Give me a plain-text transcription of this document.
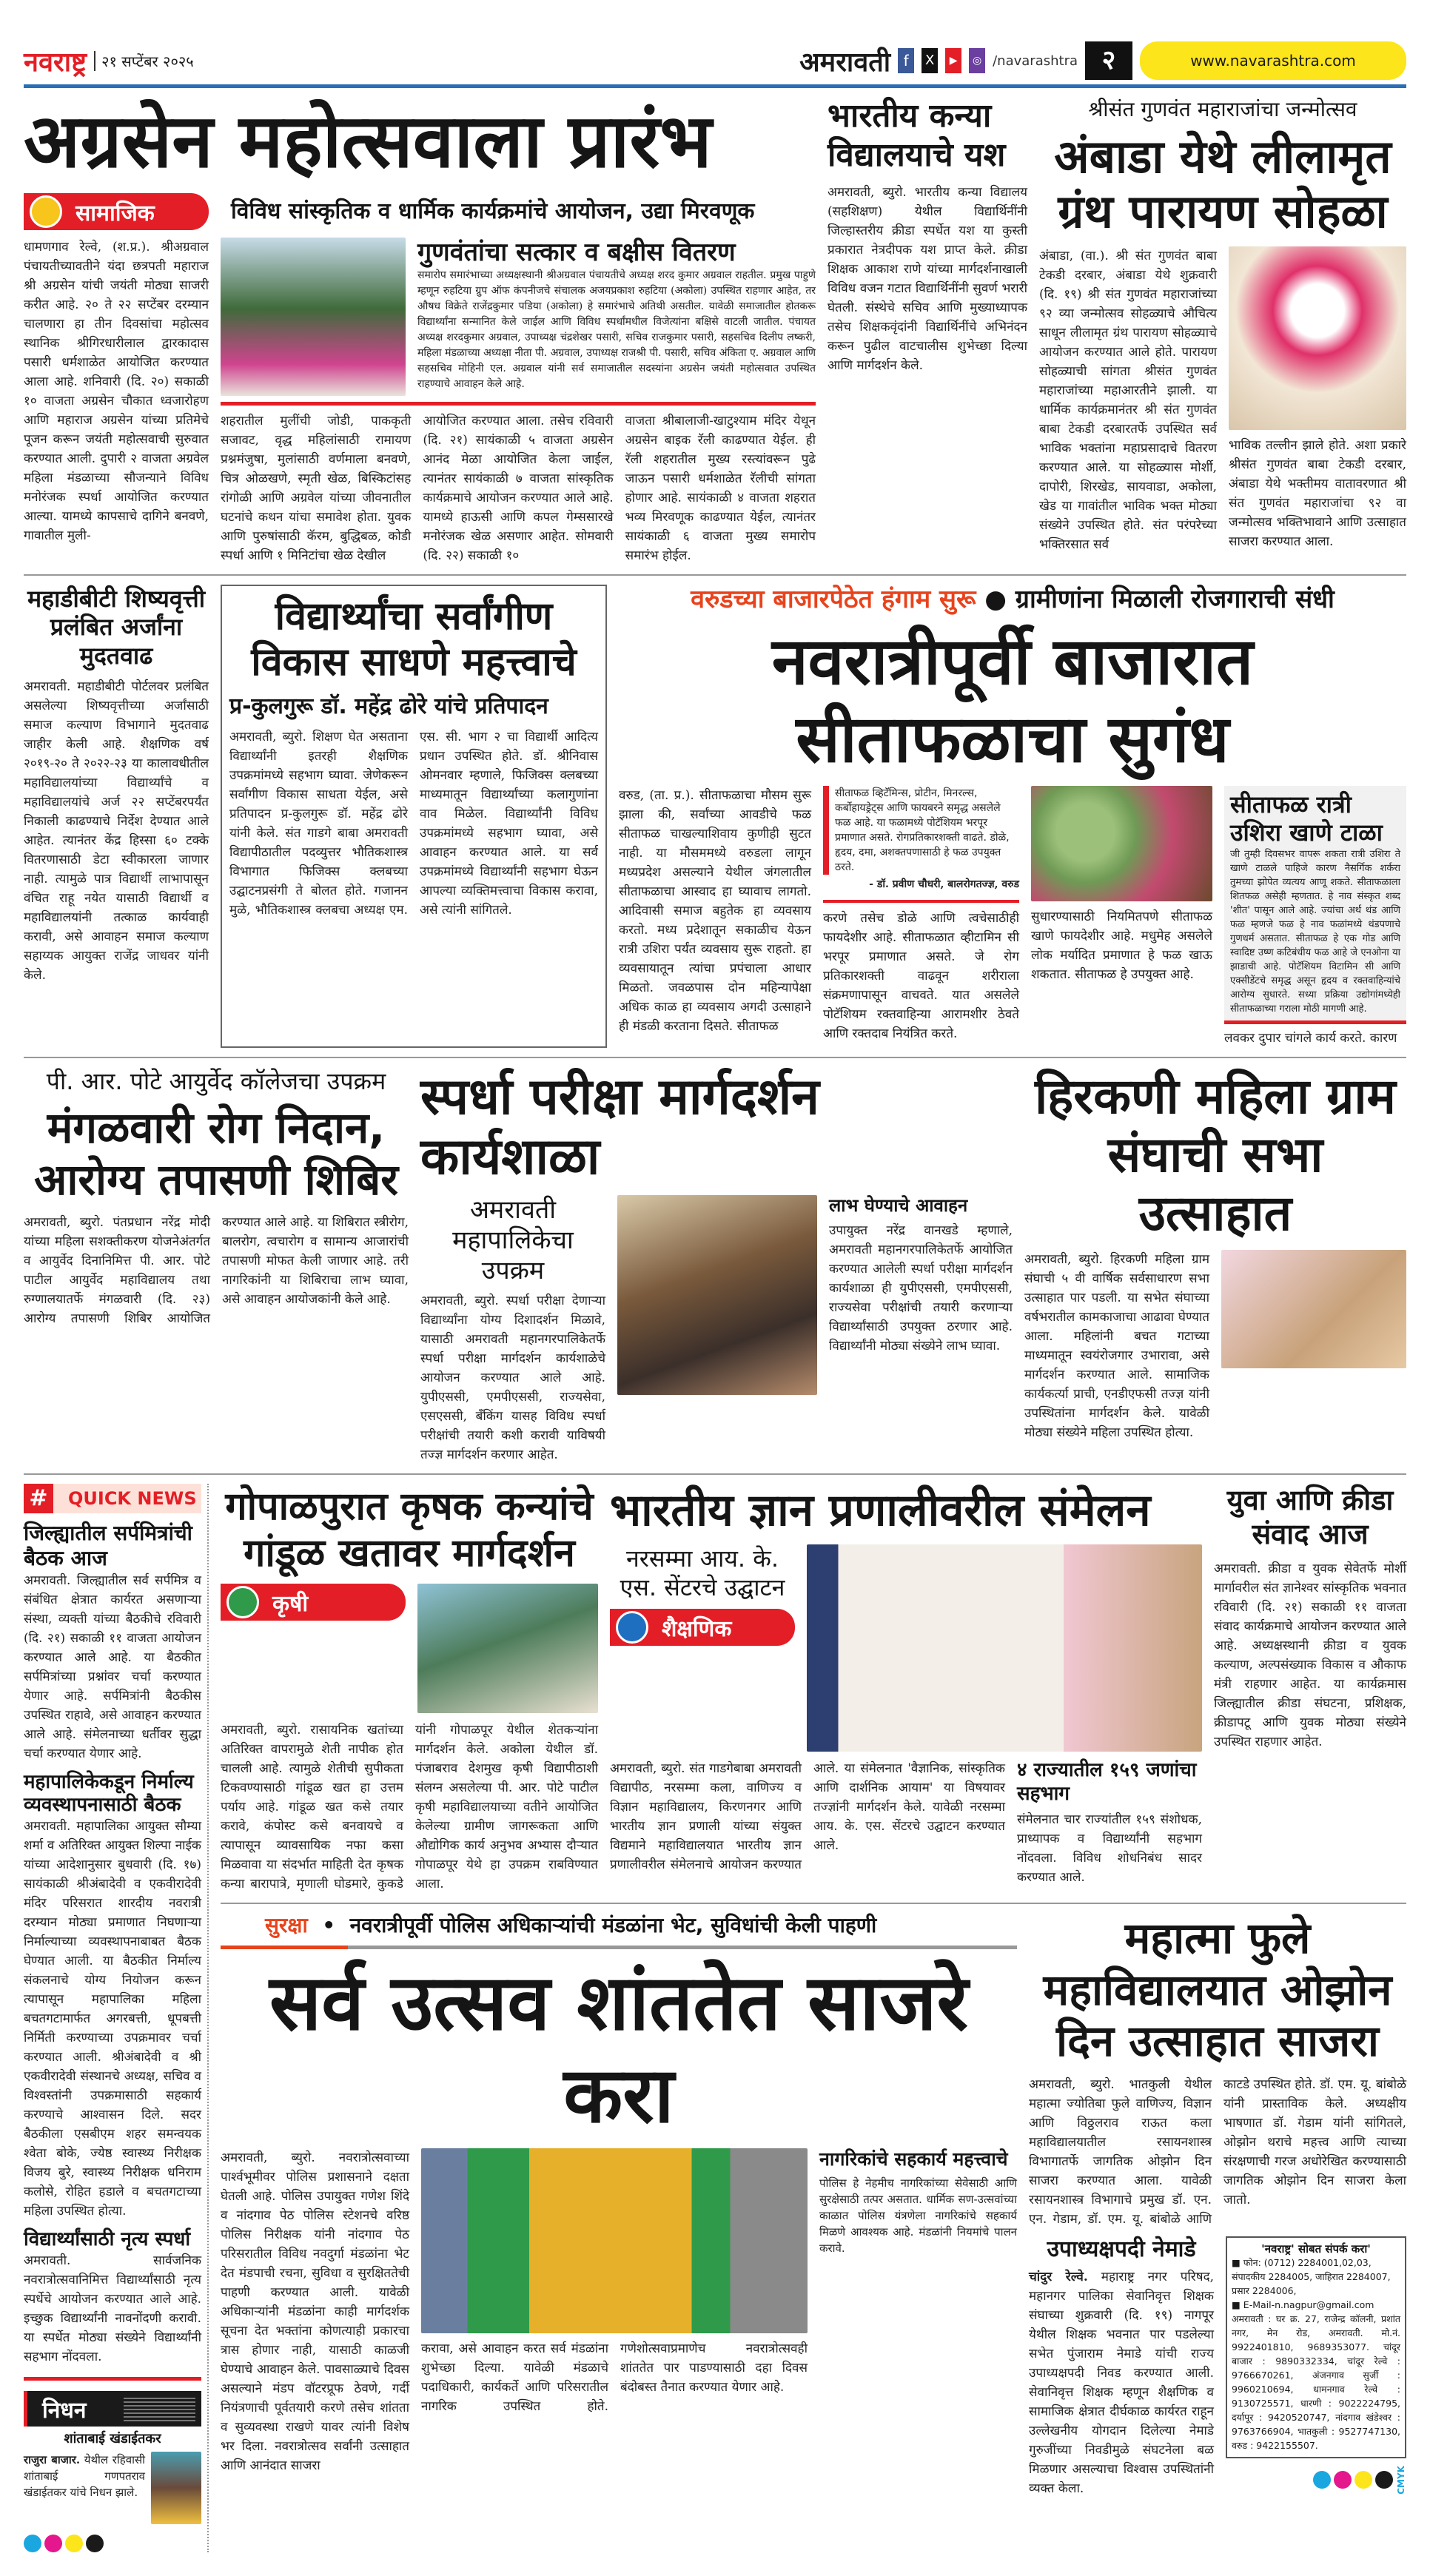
नवराष्ट्र	२१ सप्टेंबर २०२५	अमरावती f	X	▶	◎ /navarashtra २	www.navarashtra.com
अग्रसेन महोत्सवाला प्रारंभ
सामाजिक	विविध सांस्कृतिक व धार्मिक कार्यक्रमांचे आयोजन, उद्या मिरवणूक
धामणगाव रेल्वे, (श.प्र.). श्रीअग्रवाल पंचायतीच्यावतीने यंदा छत्रपती महाराज श्री अग्रसेन यांची जयंती मोठ्या साजरी करीत आहे. २० ते २२ सप्टेंबर दरम्यान चालणारा हा तीन दिवसांचा महोत्सव स्थानिक श्रीगिरधारीलाल द्वारकादास पसारी धर्मशाळेत आयोजित करण्यात आला आहे. शनिवारी (दि. २०) सकाळी १० वाजता अग्रसेन चौकात ध्वजारोहण आणि महाराज अग्रसेन यांच्या प्रतिमेचे पूजन करून जयंती महोत्सवाची सुरुवात करण्यात आली. दुपारी २ वाजता अग्रवेल महिला मंडळाच्या सौजन्याने विविध मनोरंजक स्पर्धा आयोजित करण्यात आल्या. यामध्ये कापसाचे दागिने बनवणे, गावातील मुली-
गुणवंतांचा सत्कार व बक्षीस वितरण
समारोप समारंभाच्या अध्यक्षस्थानी श्रीअग्रवाल पंचायतीचे अध्यक्ष शरद कुमार अग्रवाल राहतील. प्रमुख पाहुणे म्हणून रुहटिया ग्रुप ऑफ कंपनीजचे संचालक अजयप्रकाश रुहटिया (अकोला) उपस्थित राहणार आहेत, तर औषध विक्रेते राजेंद्रकुमार पडिया (अकोला) हे समारंभाचे अतिथी असतील. यावेळी समाजातील होतकरू विद्यार्थ्यांना सन्मानित केले जाईल आणि विविध स्पर्धांमधील विजेत्यांना बक्षिसे वाटली जातील. पंचायत अध्यक्ष शरदकुमार अग्रवाल, उपाध्यक्ष चंद्रशेखर पसारी, सचिव राजकुमार पसारी, सहसचिव दिलीप लष्करी, महिला मंडळाच्या अध्यक्षा नीता पी. अग्रवाल, उपाध्यक्ष राजश्री पी. पसारी, सचिव अंकिता ए. अग्रवाल आणि सहसचिव मोहिनी एल. अग्रवाल यांनी सर्व समाजातील सदस्यांना अग्रसेन जयंती महोत्सवात उपस्थित राहण्याचे आवाहन केले आहे.
शहरातील मुलींची जोडी, पाककृती सजावट, वृद्ध महिलांसाठी रामायण प्रश्नमंजुषा, मुलांसाठी वर्णमाला बनवणे, चित्र ओळखणे, स्मृती खेळ, बिस्किटांसह रांगोळी आणि अग्रवेल यांच्या जीवनातील घटनांचे कथन यांचा समावेश होता. युवक आणि पुरुषांसाठी कॅरम, बुद्धिबळ, कोडी स्पर्धा आणि १ मिनिटांचा खेळ देखील
आयोजित करण्यात आला. तसेच रविवारी (दि. २१) सायंकाळी ५ वाजता अग्रसेन आनंद मेळा आयोजित केला जाईल, त्यानंतर सायंकाळी ७ वाजता सांस्कृतिक कार्यक्रमाचे आयोजन करण्यात आले आहे. यामध्ये हाऊसी आणि कपल गेम्ससारखे मनोरंजक खेळ असणार आहेत. सोमवारी (दि. २२) सकाळी १०
वाजता श्रीबालाजी-खाटुश्याम मंदिर येथून अग्रसेन बाइक रॅली काढण्यात येईल. ही रॅली शहरातील मुख्य रस्त्यांवरून पुढे जाऊन पसारी धर्मशाळेत रॅलीची सांगता होणार आहे. सायंकाळी ४ वाजता शहरात भव्य मिरवणूक काढण्यात येईल, त्यानंतर सायंकाळी ६ वाजता मुख्य समारोप समारंभ होईल.
भारतीय कन्या विद्यालयाचे यश
अमरावती, ब्युरो. भारतीय कन्या विद्यालय (सहशिक्षण) येथील विद्यार्थिनींनी जिल्हास्तरीय क्रीडा स्पर्धेत यश या कुस्ती प्रकारात नेत्रदीपक यश प्राप्त केले. क्रीडा शिक्षक आकाश राणे यांच्या मार्गदर्शनाखाली विविध वजन गटात विद्यार्थिनींनी सुवर्ण भरारी घेतली. संस्थेचे सचिव आणि मुख्याध्यापक तसेच शिक्षकवृंदांनी विद्यार्थिनींचे अभिनंदन करून पुढील वाटचालीस शुभेच्छा दिल्या आणि मार्गदर्शन केले.
श्रीसंत गुणवंत महाराजांचा जन्मोत्सव
अंबाडा येथे लीलामृत ग्रंथ पारायण सोहळा
अंबाडा, (वा.). श्री संत गुणवंत बाबा टेकडी दरबार, अंबाडा येथे शुक्रवारी (दि. १९) श्री संत गुणवंत महाराजांच्या ९२ व्या जन्मोत्सव सोहळ्याचे औचित्य साधून लीलामृत ग्रंथ पारायण सोहळ्याचे आयोजन करण्यात आले होते. पारायण सोहळ्याची सांगता श्रीसंत गुणवंत महाराजांच्या महाआरतीने झाली. या धार्मिक कार्यक्रमानंतर श्री संत गुणवंत बाबा टेकडी दरबारतर्फे उपस्थित सर्व भाविक भक्तांना महाप्रसादाचे वितरण करण्यात आले. या सोहळ्यास मोर्शी, दापोरी, शिरखेड, सायवाडा, अकोला, खेड या गावांतील भाविक भक्त मोठ्या संख्येने उपस्थित होते. संत परंपरेच्या भक्तिरसात सर्व
भाविक तल्लीन झाले होते. अशा प्रकारे श्रीसंत गुणवंत बाबा टेकडी दरबार, अंबाडा येथे भक्तीमय वातावरणात श्री संत गुणवंत महाराजांचा ९२ वा जन्मोत्सव भक्तिभावाने आणि उत्साहात साजरा करण्यात आला.
महाडीबीटी शिष्यवृत्ती प्रलंबित अर्जांना मुदतवाढ
अमरावती. महाडीबीटी पोर्टलवर प्रलंबित असलेल्या शिष्यवृत्तीच्या अर्जांसाठी समाज कल्याण विभागाने मुदतवाढ जाहीर केली आहे. शैक्षणिक वर्ष २०१९-२० ते २०२२-२३ या कालावधीतील महाविद्यालयांच्या विद्यार्थ्यांचे व महाविद्यालयांचे अर्ज २२ सप्टेंबरपर्यंत निकाली काढण्याचे निर्देश देण्यात आले आहेत. त्यानंतर केंद्र हिस्सा ६० टक्के वितरणासाठी डेटा स्वीकारला जाणार नाही. त्यामुळे पात्र विद्यार्थी लाभापासून वंचित राहू नयेत यासाठी विद्यार्थी व महाविद्यालयांनी तत्काळ कार्यवाही करावी, असे आवाहन समाज कल्याण सहाय्यक आयुक्त राजेंद्र जाधवर यांनी केले.
विद्यार्थ्यांचा सर्वांगीण विकास साधणे महत्त्वाचे
प्र-कुलगुरू डॉ. महेंद्र ढोरे यांचे प्रतिपादन
अमरावती, ब्युरो. शिक्षण घेत असताना विद्यार्थ्यांनी इतरही शैक्षणिक उपक्रमांमध्ये सहभाग घ्यावा. जेणेकरून सर्वांगीण विकास साधता येईल, असे प्रतिपादन प्र-कुलगुरू डॉ. महेंद्र ढोरे यांनी केले. संत गाडगे बाबा अमरावती विद्यापीठातील पदव्युत्तर भौतिकशास्त्र विभागात फिजिक्स क्लबच्या उद्घाटनप्रसंगी ते बोलत होते. गजानन मुळे, भौतिकशास्त्र क्लबचा अध्यक्ष एम. एस. सी. भाग २ चा विद्यार्थी आदित्य प्रधान उपस्थित होते. डॉ. श्रीनिवास ओमनवार म्हणाले, फिजिक्स क्लबच्या माध्यमातून विद्यार्थ्यांच्या कलागुणांना वाव मिळेल. विद्यार्थ्यांनी विविध उपक्रमांमध्ये सहभाग घ्यावा, असे आवाहन करण्यात आले. या सर्व उपक्रमांमध्ये विद्यार्थ्यांनी सहभाग घेऊन आपल्या व्यक्तिमत्त्वाचा विकास करावा, असे त्यांनी सांगितले.
वरुडच्या बाजारपेठेत हंगाम सुरू ● ग्रामीणांना मिळाली रोजगाराची संधी
नवरात्रीपूर्वी बाजारात सीताफळाचा सुगंध
वरुड, (ता. प्र.). सीताफळाचा मौसम सुरू झाला की, सर्वांच्या आवडीचे फळ सीताफळ चाखल्याशिवाय कुणीही सुटत नाही. या मौसममध्ये वरुडला लागून मध्यप्रदेश असल्याने येथील जंगलातील सीताफळाचा आस्वाद हा घ्यावाच लागतो. आदिवासी समाज बहुतेक हा व्यवसाय करतो. मध्य प्रदेशातून सकाळीच येऊन रात्री उशिरा पर्यंत व्यवसाय सुरू राहतो. हा व्यवसायातून त्यांचा प्रपंचाला आधार मिळतो. जवळपास दोन महिन्यापेक्षा अधिक काळ हा व्यवसाय अगदी उत्साहाने ही मंडळी करताना दिसते. सीताफळ
सीताफळ व्हिटॅमिन्स, प्रोटीन, मिनरल्स, कर्बोहायड्रेट्स आणि फायबरने समृद्ध असलेले फळ आहे. या फळामध्ये पोटॅशियम भरपूर प्रमाणात असते. रोगप्रतिकारशक्ती वाढते. डोळे, हृदय, दमा, अशक्तपणासाठी हे फळ उपयुक्त ठरते.
- डॉ. प्रवीण चौधरी, बालरोगतज्ज्ञ, वरुड
करणे तसेच डोळे आणि त्वचेसाठीही फायदेशीर आहे. सीताफळात व्हीटामिन सी भरपूर प्रमाणात असते. जे रोग प्रतिकारशक्ती वाढवून शरीराला संक्रमणापासून वाचवते. यात असलेले पोटॅशियम रक्तवाहिन्या आरामशीर ठेवते आणि रक्तदाब नियंत्रित करते.
सुधारण्यासाठी नियमितपणे सीताफळ खाणे फायदेशीर आहे. मधुमेह असलेले लोक मर्यादित प्रमाणात हे फळ खाऊ शकतात. सीताफळ हे उपयुक्त आहे.
सीताफळ रात्री उशिरा खाणे टाळा
जी तुम्ही दिवसभर वापरू शकता रात्री उशिरा ते खाणे टाळले पाहिजे कारण नैसर्गिक शर्करा तुमच्या झोपेत व्यत्यय आणू शकते. सीताफळाला शितफळ असेही म्हणतात. हे नाव संस्कृत शब्द 'शीत' पासून आले आहे. ज्यांचा अर्थ थंड आणि फळ म्हणजे फळ हे नाव फळांमध्ये थंडपणाचे गुणधर्म असतात. सीताफळ हे एक गोड आणि स्वादिष्ट उष्ण कटिबंधीय फळ आहे जे एनओना या झाडाची आहे. पोटॅशियम विटामिन सी आणि एक्सीडेंटचे समृद्ध असून हृदय व रक्तवाहिन्यांचे आरोग्य सुधारते. सध्या प्रक्रिया उद्योगांमध्येही सीताफळाच्या गराला मोठी मागणी आहे.
लवकर दुपार चांगले कार्य करते. कारण
पी. आर. पोटे आयुर्वेद कॉलेजचा उपक्रम
मंगळवारी रोग निदान, आरोग्य तपासणी शिबिर
अमरावती, ब्युरो. पंतप्रधान नरेंद्र मोदी यांच्या महिला सशक्तीकरण योजनेअंतर्गत व आयुर्वेद दिनानिमित्त पी. आर. पोटे पाटील आयुर्वेद महाविद्यालय तथा रुग्णालयातर्फे मंगळवारी (दि. २३) आरोग्य तपासणी शिबिर आयोजित करण्यात आले आहे. या शिबिरात स्त्रीरोग, बालरोग, त्वचारोग व सामान्य आजारांची तपासणी मोफत केली जाणार आहे. तरी नागरिकांनी या शिबिराचा लाभ घ्यावा, असे आवाहन आयोजकांनी केले आहे.
स्पर्धा परीक्षा मार्गदर्शन कार्यशाळा
अमरावती महापालिकेचा उपक्रम
अमरावती, ब्युरो. स्पर्धा परीक्षा देणाऱ्या विद्यार्थ्यांना योग्य दिशादर्शन मिळावे, यासाठी अमरावती महानगरपालिकेतर्फे स्पर्धा परीक्षा मार्गदर्शन कार्यशाळेचे आयोजन करण्यात आले आहे. युपीएससी, एमपीएससी, राज्यसेवा, एसएससी, बँकिंग यासह विविध स्पर्धा परीक्षांची तयारी कशी करावी याविषयी तज्ज्ञ मार्गदर्शन करणार आहेत.
लाभ घेण्याचे आवाहन
उपायुक्त नरेंद्र वानखडे म्हणाले, अमरावती महानगरपालिकेतर्फे आयोजित करण्यात आलेली स्पर्धा परीक्षा मार्गदर्शन कार्यशाळा ही युपीएससी, एमपीएससी, राज्यसेवा परीक्षांची तयारी करणाऱ्या विद्यार्थ्यांसाठी उपयुक्त ठरणार आहे. विद्यार्थ्यांनी मोठ्या संख्येने लाभ घ्यावा.
हिरकणी महिला ग्राम संघाची सभा उत्साहात
अमरावती, ब्युरो. हिरकणी महिला ग्राम संघाची ५ वी वार्षिक सर्वसाधारण सभा उत्साहात पार पडली. या सभेत संघाच्या वर्षभरातील कामकाजाचा आढावा घेण्यात आला. महिलांनी बचत गटाच्या माध्यमातून स्वयंरोजगार उभारावा, असे मार्गदर्शन करण्यात आले. सामाजिक कार्यकर्त्या प्राची, एनडीएफसी तज्ज्ञ यांनी उपस्थितांना मार्गदर्शन केले. यावेळी मोठ्या संख्येने महिला उपस्थित होत्या.
#	QUICK NEWS
जिल्ह्यातील सर्पमित्रांची बैठक आज
अमरावती. जिल्ह्यातील सर्व सर्पमित्र व संबंधित क्षेत्रात कार्यरत असणाऱ्या संस्था, व्यक्ती यांच्या बैठकीचे रविवारी (दि. २१) सकाळी ११ वाजता आयोजन करण्यात आले आहे. या बैठकीत सर्पमित्रांच्या प्रश्नांवर चर्चा करण्यात येणार आहे. सर्पमित्रांनी बैठकीस उपस्थित राहावे, असे आवाहन करण्यात आले आहे. संमेलनाच्या धर्तीवर सुद्धा चर्चा करण्यात येणार आहे.
महापालिकेकडून निर्माल्य व्यवस्थापनासाठी बैठक
अमरावती. महापालिका आयुक्त सौम्या शर्मा व अतिरिक्त आयुक्त शिल्पा नाईक यांच्या आदेशानुसार बुधवारी (दि. १७) सायंकाळी श्रीअंबादेवी व एकवीरादेवी मंदिर परिसरात शारदीय नवरात्री दरम्यान मोठ्या प्रमाणात निघणाऱ्या निर्माल्याच्या व्यवस्थापनाबाबत बैठक घेण्यात आली. या बैठकीत निर्माल्य संकलनाचे योग्य नियोजन करून त्यापासून महापालिका महिला बचतगटामार्फत अगरबत्ती, धूपबत्ती निर्मिती करण्याच्या उपक्रमावर चर्चा करण्यात आली. श्रीअंबादेवी व श्री एकवीरादेवी संस्थानचे अध्यक्ष, सचिव व विश्वस्तांनी उपक्रमासाठी सहकार्य करण्याचे आश्वासन दिले. सदर बैठकीला एसबीएम शहर समन्वयक श्वेता बोके, ज्येष्ठ स्वास्थ्य निरीक्षक विजय बुरे, स्वास्थ्य निरीक्षक धनिराम कलोसे, रोहित हडाले व बचतगटाच्या महिला उपस्थित होत्या.
विद्यार्थ्यांसाठी नृत्य स्पर्धा
अमरावती. सार्वजनिक नवरात्रोत्सवानिमित्त विद्यार्थ्यांसाठी नृत्य स्पर्धेचे आयोजन करण्यात आले आहे. इच्छुक विद्यार्थ्यांनी नावनोंदणी करावी. या स्पर्धेत मोठ्या संख्येने विद्यार्थ्यांनी सहभाग नोंदवला.
निधन
शांताबाई खंडाईतकर
राजुरा बाजार. येथील रहिवासी शांताबाई गणपतराव खंडाईतकर यांचे निधन झाले.
गोपाळपुरात कृषक कन्यांचे गांडूळ खतावर मार्गदर्शन
कृषी
अमरावती, ब्युरो. रासायनिक खतांच्या अतिरिक्त वापरामुळे शेती नापीक होत चालली आहे. त्यामुळे शेतीची सुपीकता टिकवण्यासाठी गांडूळ खत हा उत्तम पर्याय आहे. गांडूळ खत कसे तयार करावे, कंपोस्ट कसे बनवायचे व त्यापासून व्यावसायिक नफा कसा मिळवावा या संदर्भात माहिती देत कृषक कन्या बारापात्रे, मृणाली घोडमारे, कुकडे यांनी गोपाळपूर येथील शेतकऱ्यांना मार्गदर्शन केले. अकोला येथील डॉ. पंजाबराव देशमुख कृषी विद्यापीठाशी संलग्न असलेल्या पी. आर. पोटे पाटील कृषी महाविद्यालयाच्या वतीने आयोजित केलेल्या ग्रामीण जागरूकता आणि औद्योगिक कार्य अनुभव अभ्यास दौऱ्यात गोपाळपूर येथे हा उपक्रम राबविण्यात आला.
भारतीय ज्ञान प्रणालीवरील संमेलन
नरसम्मा आय. के. एस. सेंटरचे उद्घाटन
शैक्षणिक
अमरावती, ब्युरो. संत गाडगेबाबा अमरावती विद्यापीठ, नरसम्मा कला, वाणिज्य व विज्ञान महाविद्यालय, किरणनगर आणि भारतीय ज्ञान प्रणाली यांच्या संयुक्त विद्यमाने महाविद्यालयात भारतीय ज्ञान प्रणालीवरील संमेलनाचे आयोजन करण्यात आले. या संमेलनात 'वैज्ञानिक, सांस्कृतिक आणि दार्शनिक आयाम' या विषयावर तज्ज्ञांनी मार्गदर्शन केले. यावेळी नरसम्मा आय. के. एस. सेंटरचे उद्घाटन करण्यात आले.
४ राज्यातील १५९ जणांचा सहभाग
संमेलनात चार राज्यांतील १५९ संशोधक, प्राध्यापक व विद्यार्थ्यांनी सहभाग नोंदवला. विविध शोधनिबंध सादर करण्यात आले.
युवा आणि क्रीडा संवाद आज
अमरावती. क्रीडा व युवक सेवेतर्फे मोर्शी मार्गावरील संत ज्ञानेश्वर सांस्कृतिक भवनात रविवारी (दि. २१) सकाळी ११ वाजता संवाद कार्यक्रमाचे आयोजन करण्यात आले आहे. अध्यक्षस्थानी क्रीडा व युवक कल्याण, अल्पसंख्याक विकास व औकाफ मंत्री राहणार आहेत. या कार्यक्रमास जिल्ह्यातील क्रीडा संघटना, प्रशिक्षक, क्रीडापटू आणि युवक मोठ्या संख्येने उपस्थित राहणार आहेत.
सुरक्षा  •  नवरात्रीपूर्वी पोलिस अधिकाऱ्यांची मंडळांना भेट, सुविधांची केली पाहणी
सर्व उत्सव शांततेत साजरे करा
अमरावती, ब्युरो. नवरात्रोत्सवाच्या पार्श्वभूमीवर पोलिस प्रशासनाने दक्षता घेतली आहे. पोलिस उपायुक्त गणेश शिंदे व नांदगाव पेठ पोलिस स्टेशनचे वरिष्ठ पोलिस निरीक्षक यांनी नांदगाव पेठ परिसरातील विविध नवदुर्गा मंडळांना भेट देत मंडपाची रचना, सुविधा व सुरक्षिततेची पाहणी करण्यात आली. यावेळी अधिकाऱ्यांनी मंडळांना काही मार्गदर्शक सूचना देत भक्तांना कोणत्याही प्रकारचा त्रास होणार नाही, यासाठी काळजी घेण्याचे आवाहन केले. पावसाळ्याचे दिवस असल्याने मंडप वॉटरप्रूफ ठेवणे, गर्दी नियंत्रणाची पूर्वतयारी करणे तसेच शांतता व सुव्यवस्था राखणे यावर त्यांनी विशेष भर दिला. नवरात्रोत्सव सर्वांनी उत्साहात आणि आनंदात साजरा
करावा, असे आवाहन करत सर्व मंडळांना शुभेच्छा दिल्या. यावेळी मंडळाचे पदाधिकारी, कार्यकर्ते आणि परिसरातील नागरिक उपस्थित होते. गणेशोत्सवाप्रमाणेच नवरात्रोत्सवही शांततेत पार पाडण्यासाठी दहा दिवस बंदोबस्त तैनात करण्यात येणार आहे.
नागरिकांचे सहकार्य महत्त्वाचे
पोलिस हे नेहमीच नागरिकांच्या सेवेसाठी आणि सुरक्षेसाठी तत्पर असतात. धार्मिक सण-उत्सवांच्या काळात पोलिस यंत्रणेला नागरिकांचे सहकार्य मिळणे आवश्यक आहे. मंडळांनी नियमांचे पालन करावे.
महात्मा फुले महाविद्यालयात ओझोन दिन उत्साहात साजरा
अमरावती, ब्युरो. भातकुली येथील महात्मा ज्योतिबा फुले वाणिज्य, विज्ञान आणि विठ्ठलराव राऊत कला महाविद्यालयातील रसायनशास्त्र विभागातर्फे जागतिक ओझोन दिन साजरा करण्यात आला. यावेळी रसायनशास्त्र विभागाचे प्रमुख डॉ. एन. एन. गेडाम, डॉ. एम. यू. बांबोळे आणि काटडे उपस्थित होते. डॉ. एम. यू. बांबोळे यांनी प्रास्ताविक केले. अध्यक्षीय भाषणात डॉ. गेडाम यांनी सांगितले, ओझोन थराचे महत्त्व आणि त्याच्या संरक्षणाची गरज अधोरेखित करण्यासाठी जागतिक ओझोन दिन साजरा केला जातो.
उपाध्यक्षपदी नेमाडे
चांदुर रेल्वे. महाराष्ट्र नगर परिषद, महानगर पालिका सेवानिवृत्त शिक्षक संघाच्या शुक्रवारी (दि. १९) नागपूर येथील शिक्षक भवनात पार पडलेल्या सभेत पुंजाराम नेमाडे यांची राज्य उपाध्यक्षपदी निवड करण्यात आली. सेवानिवृत्त शिक्षक म्हणून शैक्षणिक व सामाजिक क्षेत्रात दीर्घकाळ कार्यरत राहून उल्लेखनीय योगदान दिलेल्या नेमाडे गुरुजींच्या निवडीमुळे संघटनेला बळ मिळणार असल्याचा विश्वास उपस्थितांनी व्यक्त केला.
'नवराष्ट्र' सोबत संपर्क करा'
■ फोन: (0712) 2284001,02,03, संपादकीय 2284005, जाहिरात 2284007, प्रसार 2284006,
■ E-Mail-n.nagpur@gmail.com
अमरावती : घर क्र. 27, राजेन्द्र कॉलनी, प्रशांत नगर, मेन रोड, अमरावती. मो.नं. 9922401810, 9689353077. चांदूर बाजार : 9890332334, चांदूर रेल्वे : 9766670261, अंजनगाव सुर्जी : 9960210694, धामनगाव रेल्वे : 9130725571, धारणी : 9022224795, दर्यापूर : 9420520747, नांदगाव खंडेश्वर : 9763766904, भातकुली : 9527747130, वरुड : 9422155507.
CMYK
